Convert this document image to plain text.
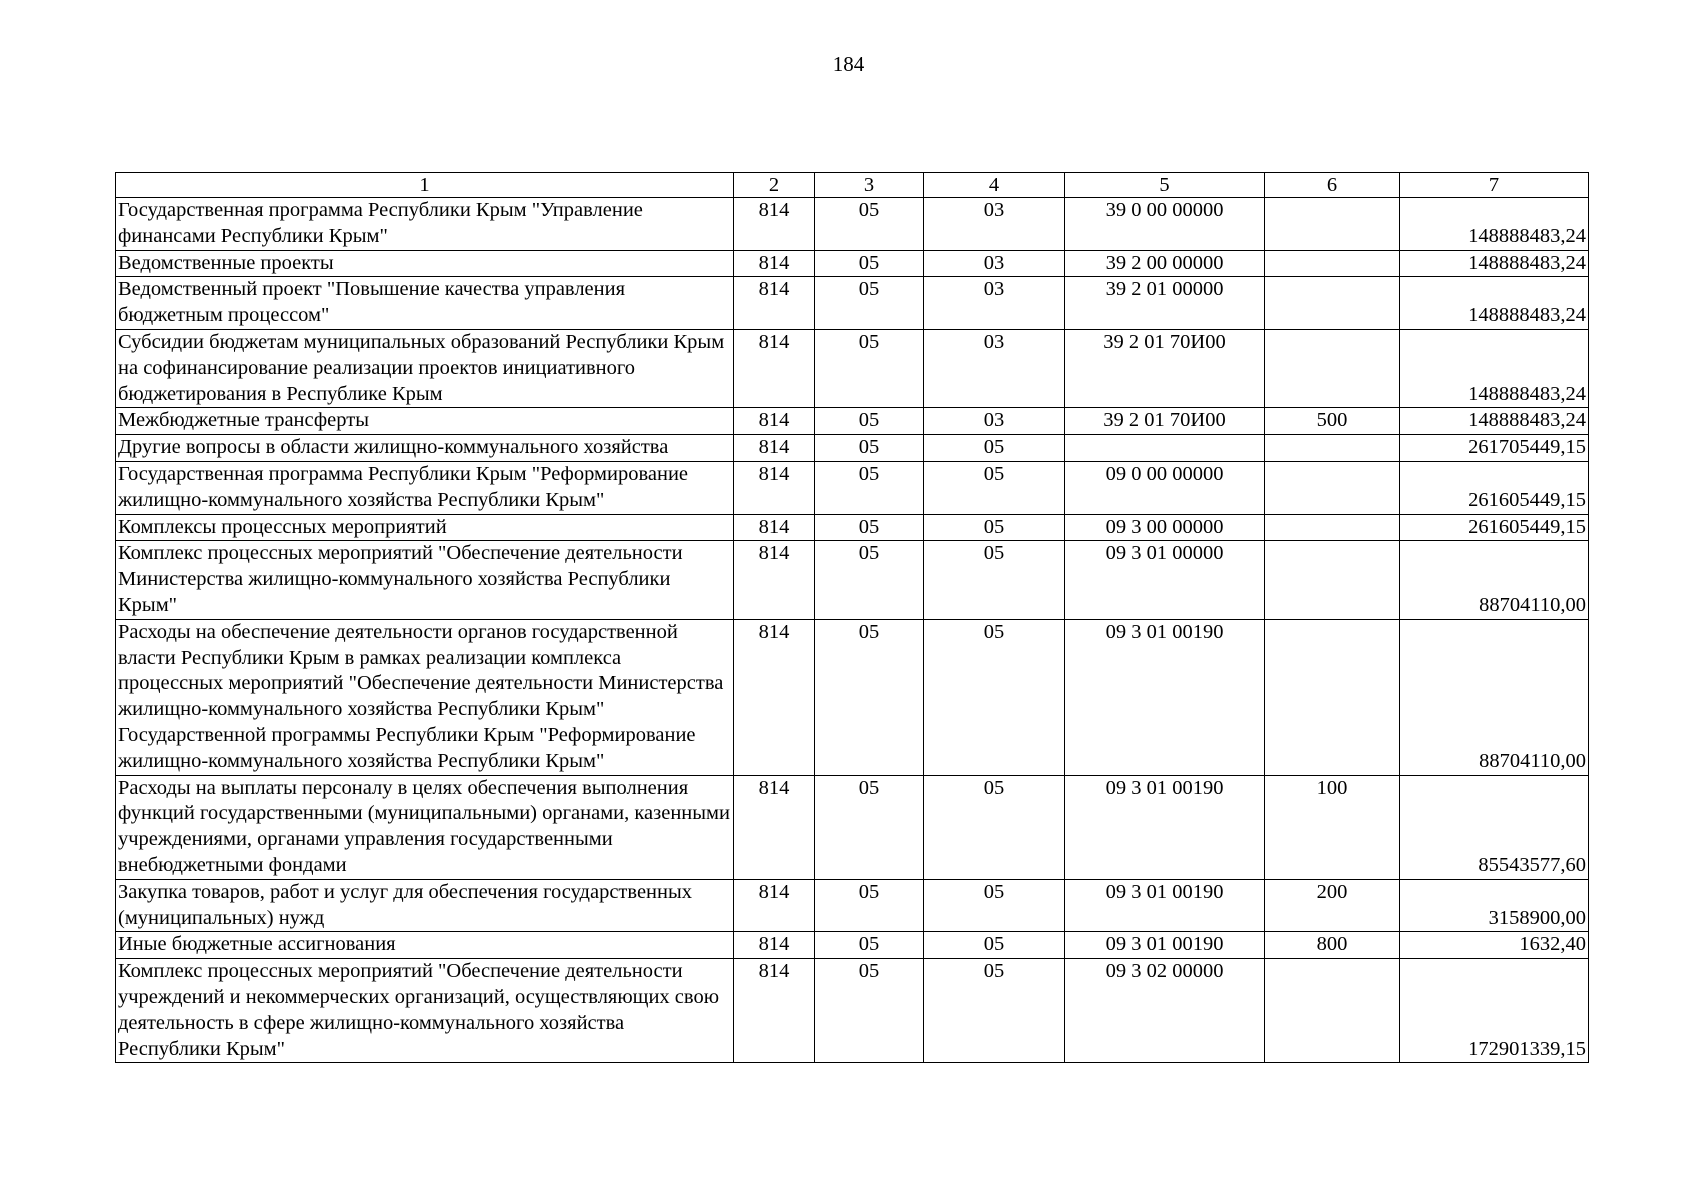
184
1	2	3	4	5	6	7
Государственная программа Республики Крым "Управление финансами Республики Крым"	814	05	03	39 0 00 00000		148888483,24
Ведомственные проекты	814	05	03	39 2 00 00000		148888483,24
Ведомственный проект "Повышение качества управления бюджетным процессом"	814	05	03	39 2 01 00000		148888483,24
Субсидии бюджетам муниципальных образований Республики Крым на софинансирование реализации проектов инициативного бюджетирования в Республике Крым	814	05	03	39 2 01 70И00		148888483,24
Межбюджетные трансферты	814	05	03	39 2 01 70И00	500	148888483,24
Другие вопросы в области жилищно-коммунального хозяйства	814	05	05			261705449,15
Государственная программа Республики Крым "Реформирование жилищно-коммунального хозяйства Республики Крым"	814	05	05	09 0 00 00000		261605449,15
Комплексы процессных мероприятий	814	05	05	09 3 00 00000		261605449,15
Комплекс процессных мероприятий "Обеспечение деятельности Министерства жилищно-коммунального хозяйства Республики Крым"	814	05	05	09 3 01 00000		88704110,00
Расходы на обеспечение деятельности органов государственной власти Республики Крым в рамках реализации комплекса процессных мероприятий "Обеспечение деятельности Министерства жилищно-коммунального хозяйства Республики Крым" Государственной программы Республики Крым "Реформирование жилищно-коммунального хозяйства Республики Крым"	814	05	05	09 3 01 00190		88704110,00
Расходы на выплаты персоналу в целях обеспечения выполнения функций государственными (муниципальными) органами, казенными учреждениями, органами управления государственными внебюджетными фондами	814	05	05	09 3 01 00190	100	85543577,60
Закупка товаров, работ и услуг для обеспечения государственных (муниципальных) нужд	814	05	05	09 3 01 00190	200	3158900,00
Иные бюджетные ассигнования	814	05	05	09 3 01 00190	800	1632,40
Комплекс процессных мероприятий "Обеспечение деятельности учреждений и некоммерческих организаций, осуществляющих свою деятельность в сфере жилищно-коммунального хозяйства Республики Крым"	814	05	05	09 3 02 00000		172901339,15
